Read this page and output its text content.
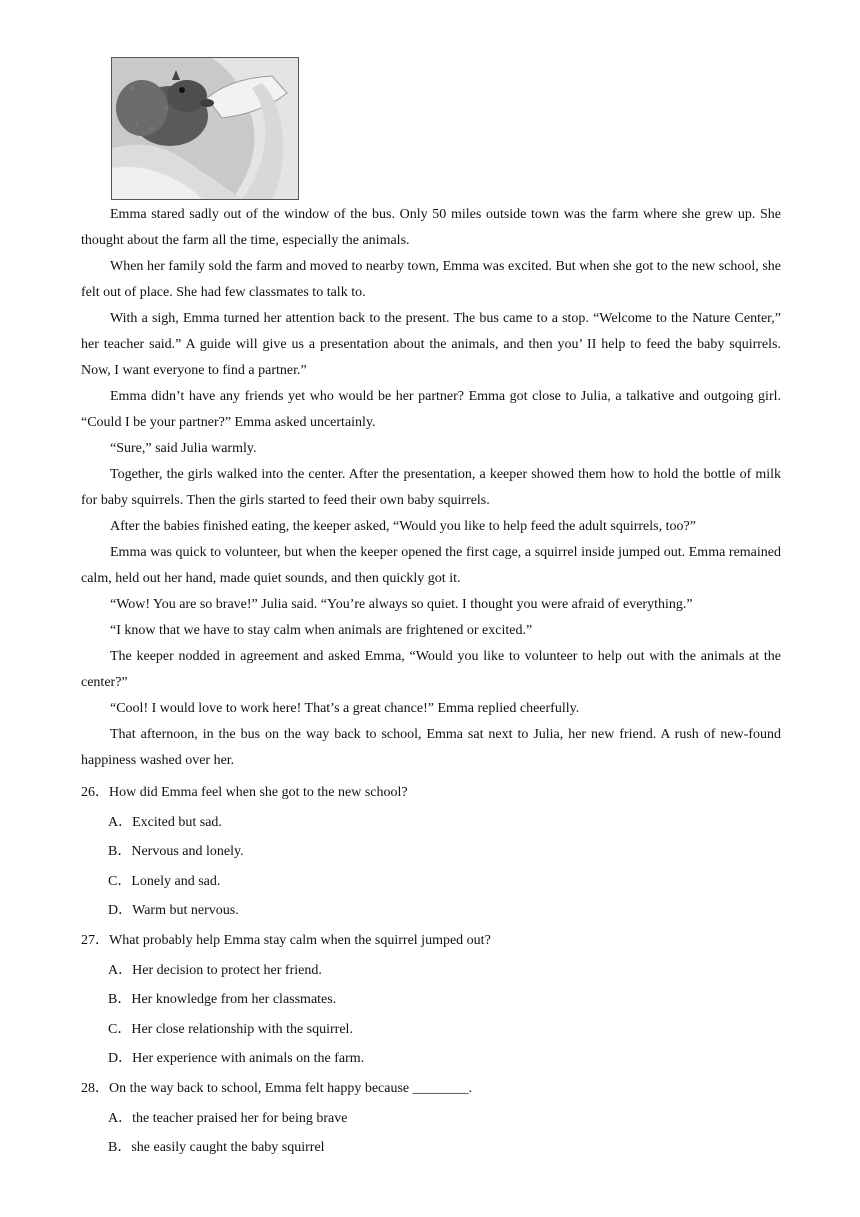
Emma stared sadly out of the window of the bus. Only 50 miles outside town was the farm where she grew up. She thought about the farm all the time, especially the animals.

When her family sold the farm and moved to nearby town, Emma was excited. But when she got to the new school, she felt out of place. She had few classmates to talk to.

With a sigh, Emma turned her attention back to the present. The bus came to a stop. “Welcome to the Nature Center,” her teacher said.” A guide will give us a presentation about the animals, and then you’ II help to feed the baby squirrels. Now, I want everyone to find a partner.”

Emma didn’t have any friends yet who would be her partner? Emma got close to Julia, a talkative and outgoing girl. “Could I be your partner?” Emma asked uncertainly.

“Sure,” said Julia warmly.

Together, the girls walked into the center. After the presentation, a keeper showed them how to hold the bottle of milk for baby squirrels. Then the girls started to feed their own baby squirrels.

After the babies finished eating, the keeper asked, “Would you like to help feed the adult squirrels, too?”

Emma was quick to volunteer, but when the keeper opened the first cage, a squirrel inside jumped out. Emma remained calm, held out her hand, made quiet sounds, and then quickly got it.

“Wow! You are so brave!” Julia said. “You’re always so quiet. I thought you were afraid of everything.”

“I know that we have to stay calm when animals are frightened or excited.”

The keeper nodded in agreement and asked Emma, “Would you like to volunteer to help out with the animals at the center?”

“Cool! I would love to work here! That’s a great chance!” Emma replied cheerfully.

That afternoon, in the bus on the way back to school, Emma sat next to Julia, her new friend. A rush of new-found happiness washed over her.

26．How did Emma feel when she got to the new school?
A．Excited but sad.
B．Nervous and lonely.
C．Lonely and sad.
D．Warm but nervous.
27．What probably help Emma stay calm when the squirrel jumped out?
A．Her decision to protect her friend.
B．Her knowledge from her classmates.
C．Her close relationship with the squirrel.
D．Her experience with animals on the farm.
28．On the way back to school, Emma felt happy because ________.
A．the teacher praised her for being brave
B．she easily caught the baby squirrel
